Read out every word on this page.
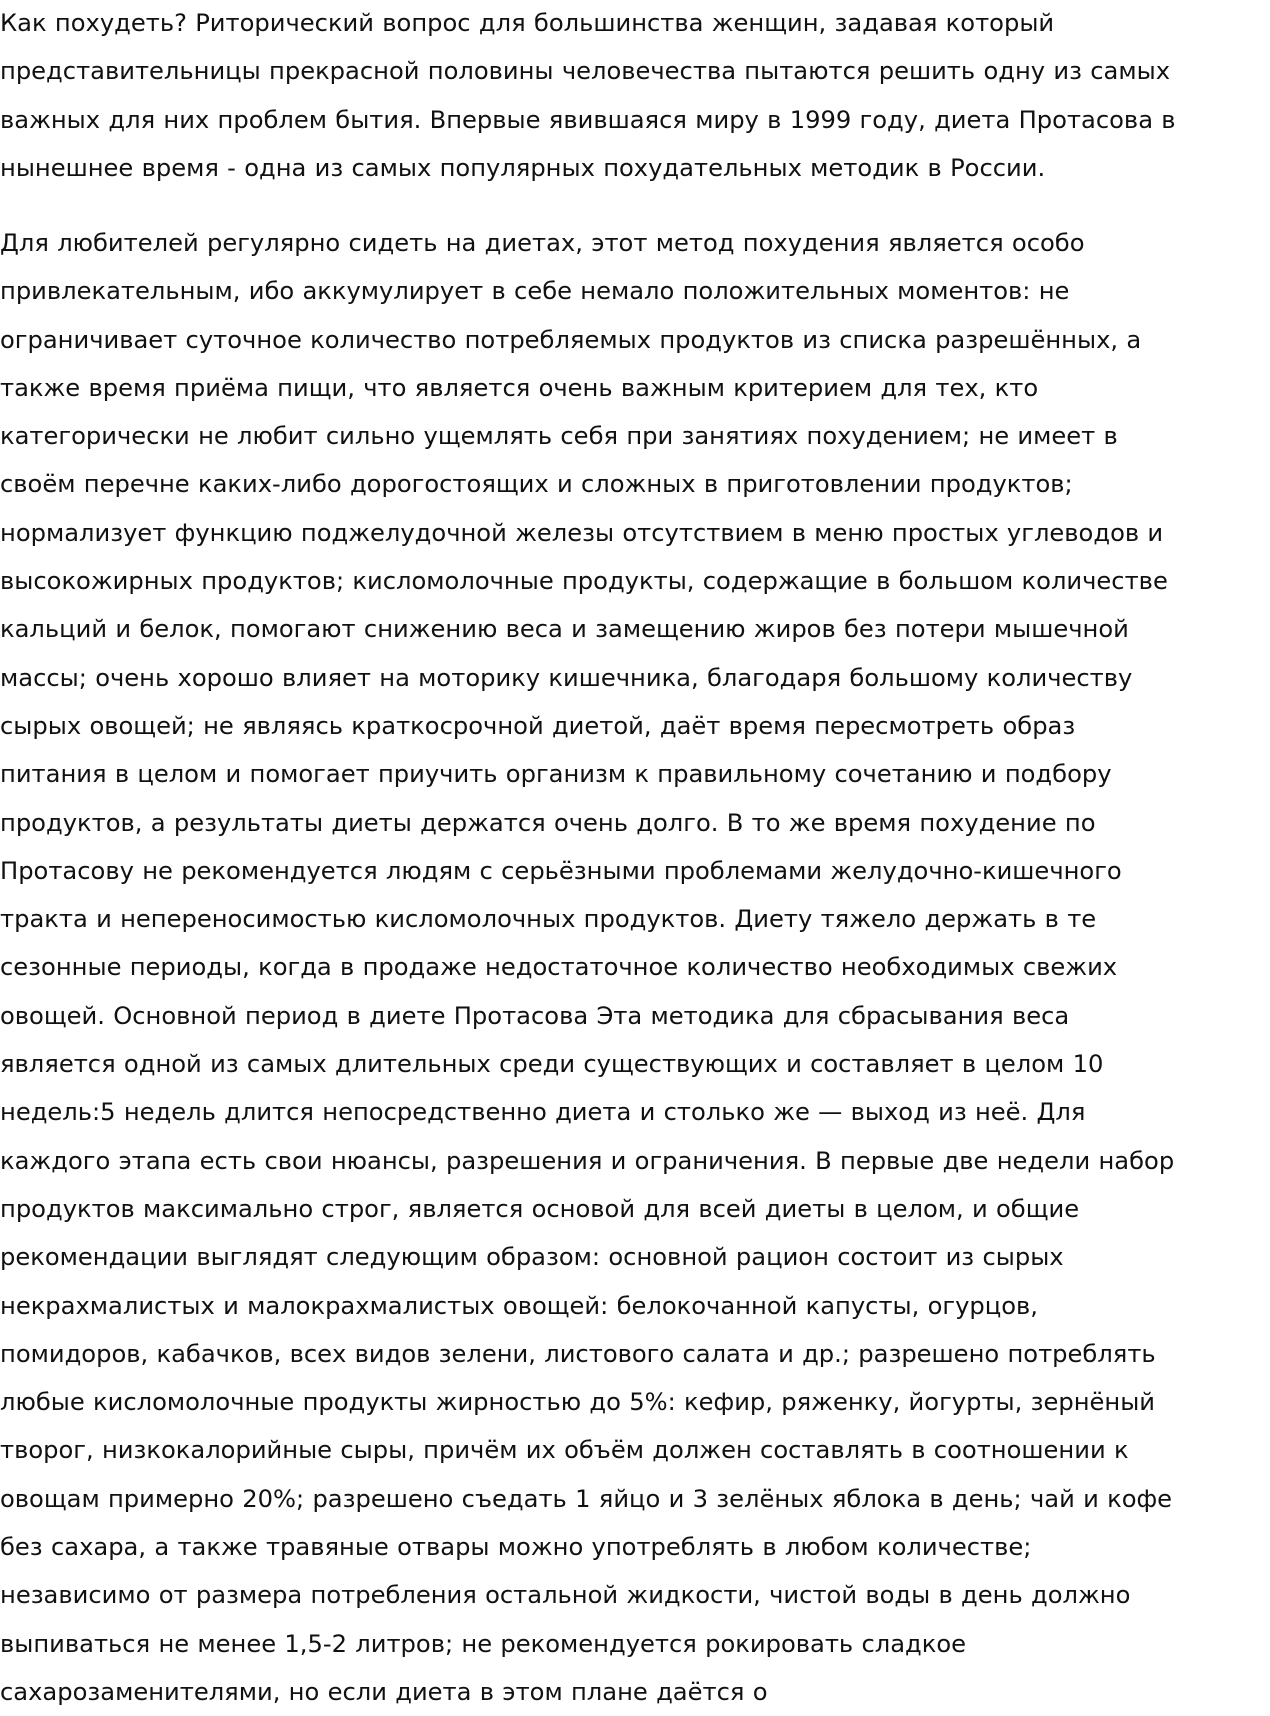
Как похудеть? Риторический вопрос для большинства женщин, задавая который
представительницы прекрасной половины человечества пытаются решить одну из самых
важных для них проблем бытия. Впервые явившаяся миру в 1999 году, диета Протасова в
нынешнее время - одна из самых популярных похудательных методик в России.

Для любителей регулярно сидеть на диетах, этот метод похудения является особо
привлекательным, ибо аккумулирует в себе немало положительных моментов: не
ограничивает суточное количество потребляемых продуктов из списка разрешённых, а
также время приёма пищи, что является очень важным критерием для тех, кто
категорически не любит сильно ущемлять себя при занятиях похудением; не имеет в
своём перечне каких-либо дорогостоящих и сложных в приготовлении продуктов;
нормализует функцию поджелудочной железы отсутствием в меню простых углеводов и
высокожирных продуктов; кисломолочные продукты, содержащие в большом количестве
кальций и белок, помогают снижению веса и замещению жиров без потери мышечной
массы; очень хорошо влияет на моторику кишечника, благодаря большому количеству
сырых овощей; не являясь краткосрочной диетой, даёт время пересмотреть образ
питания в целом и помогает приучить организм к правильному сочетанию и подбору
продуктов, а результаты диеты держатся очень долго. В то же время похудение по
Протасову не рекомендуется людям с серьёзными проблемами желудочно-кишечного
тракта и непереносимостью кисломолочных продуктов. Диету тяжело держать в те
сезонные периоды, когда в продаже недостаточное количество необходимых свежих
овощей. Основной период в диете Протасова Эта методика для сбрасывания веса
является одной из самых длительных среди существующих и составляет в целом 10
недель:5 недель длится непосредственно диета и столько же — выход из неё. Для
каждого этапа есть свои нюансы, разрешения и ограничения. В первые две недели набор
продуктов максимально строг, является основой для всей диеты в целом, и общие
рекомендации выглядят следующим образом: основной рацион состоит из сырых
некрахмалистых и малокрахмалистых овощей: белокочанной капусты, огурцов,
помидоров, кабачков, всех видов зелени, листового салата и др.; разрешено потреблять
любые кисломолочные продукты жирностью до 5%: кефир, ряженку, йогурты, зернёный
творог, низкокалорийные сыры, причём их объём должен составлять в соотношении к
овощам примерно 20%; разрешено съедать 1 яйцо и 3 зелёных яблока в день; чай и кофе
без сахара, а также травяные отвары можно употреблять в любом количестве;
независимо от размера потребления остальной жидкости, чистой воды в день должно
выпиваться не менее 1,5-2 литров; не рекомендуется рокировать сладкое
сахарозаменителями, но если диета в этом плане даётся о
